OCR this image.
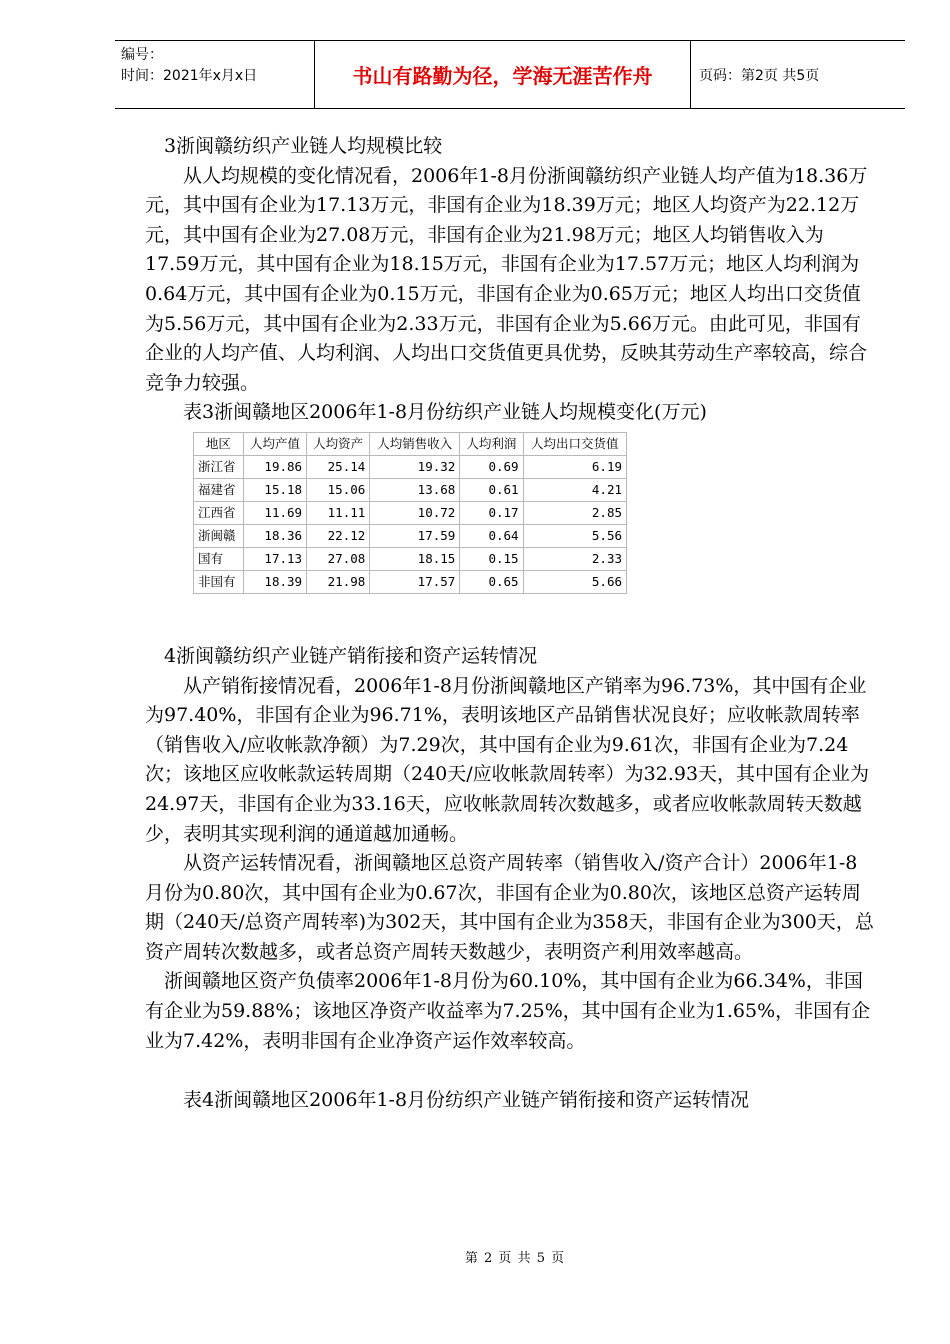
编号：
时间：2021年x月x日	书山有路勤为径，学海无涯苦作舟	页码：第2页 共5页

3浙闽赣纺织产业链人均规模比较

从人均规模的变化情况看，2006年1-8月份浙闽赣纺织产业链人均产值为18.36万元，其中国有企业为17.13万元，非国有企业为18.39万元；地区人均资产为22.12万元，其中国有企业为27.08万元，非国有企业为21.98万元；地区人均销售收入为17.59万元，其中国有企业为18.15万元，非国有企业为17.57万元；地区人均利润为0.64万元，其中国有企业为0.15万元，非国有企业为0.65万元；地区人均出口交货值为5.56万元，其中国有企业为2.33万元，非国有企业为5.66万元。由此可见，非国有企业的人均产值、人均利润、人均出口交货值更具优势，反映其劳动生产率较高，综合竞争力较强。

表3浙闽赣地区2006年1-8月份纺织产业链人均规模变化(万元)

地区	人均产值	人均资产	人均销售收入	人均利润	人均出口交货值
浙江省	19.86	25.14	19.32	0.69	6.19
福建省	15.18	15.06	13.68	0.61	4.21
江西省	11.69	11.11	10.72	0.17	2.85
浙闽赣	18.36	22.12	17.59	0.64	5.56
国有	17.13	27.08	18.15	0.15	2.33
非国有	18.39	21.98	17.57	0.65	5.66

4浙闽赣纺织产业链产销衔接和资产运转情况

从产销衔接情况看，2006年1-8月份浙闽赣地区产销率为96.73%，其中国有企业为97.40%，非国有企业为96.71%，表明该地区产品销售状况良好；应收帐款周转率（销售收入/应收帐款净额）为7.29次，其中国有企业为9.61次，非国有企业为7.24次；该地区应收帐款运转周期（240天/应收帐款周转率）为32.93天，其中国有企业为24.97天，非国有企业为33.16天，应收帐款周转次数越多，或者应收帐款周转天数越少，表明其实现利润的通道越加通畅。

从资产运转情况看，浙闽赣地区总资产周转率（销售收入/资产合计）2006年1-8月份为0.80次，其中国有企业为0.67次，非国有企业为0.80次，该地区总资产运转周期（240天/总资产周转率)为302天，其中国有企业为358天，非国有企业为300天，总资产周转次数越多，或者总资产周转天数越少，表明资产利用效率越高。

浙闽赣地区资产负债率2006年1-8月份为60.10%，其中国有企业为66.34%，非国有企业为59.88%；该地区净资产收益率为7.25%，其中国有企业为1.65%，非国有企业为7.42%，表明非国有企业净资产运作效率较高。

表4浙闽赣地区2006年1-8月份纺织产业链产销衔接和资产运转情况

第 2 页 共 5 页
